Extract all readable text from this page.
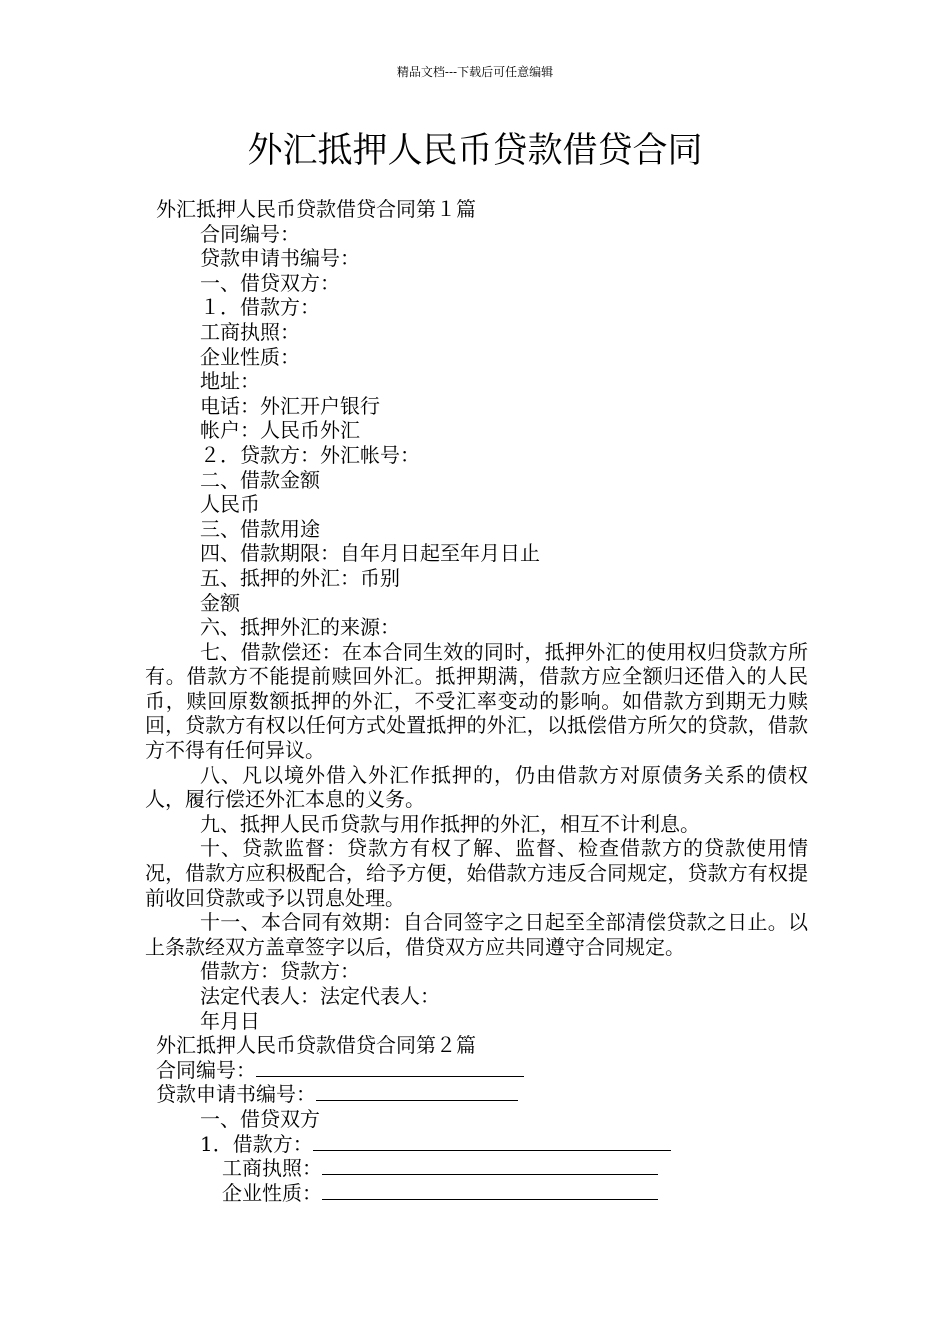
精品文档---下载后可任意编辑
外汇抵押人民币贷款借贷合同
外汇抵押人民币贷款借贷合同第１篇
合同编号：
贷款申请书编号：
一、借贷双方：
１．借款方：
工商执照：
企业性质：
地址：
电话：外汇开户银行
帐户：人民币外汇
２．贷款方：外汇帐号：
二、借款金额
人民币
三、借款用途
四、借款期限：自年月日起至年月日止
五、抵押的外汇：币别
金额
六、抵押外汇的来源：
七、借款偿还：在本合同生效的同时，抵押外汇的使用权归贷款方所有。借款方不能提前赎回外汇。抵押期满，借款方应全额归还借入的人民币，赎回原数额抵押的外汇，不受汇率变动的影响。如借款方到期无力赎回，贷款方有权以任何方式处置抵押的外汇，以抵偿借方所欠的贷款，借款方不得有任何异议。
八、凡以境外借入外汇作抵押的，仍由借款方对原债务关系的债权人，履行偿还外汇本息的义务。
九、抵押人民币贷款与用作抵押的外汇，相互不计利息。
十、贷款监督：贷款方有权了解、监督、检查借款方的贷款使用情况，借款方应积极配合，给予方便，始借款方违反合同规定，贷款方有权提前收回贷款或予以罚息处理。
十一、本合同有效期：自合同签字之日起至全部清偿贷款之日止。以上条款经双方盖章签字以后，借贷双方应共同遵守合同规定。
借款方：贷款方：
法定代表人：法定代表人：
年月日
外汇抵押人民币贷款借贷合同第２篇
合同编号：
贷款申请书编号：
一、借贷双方
1．借款方：
工商执照：
企业性质：
